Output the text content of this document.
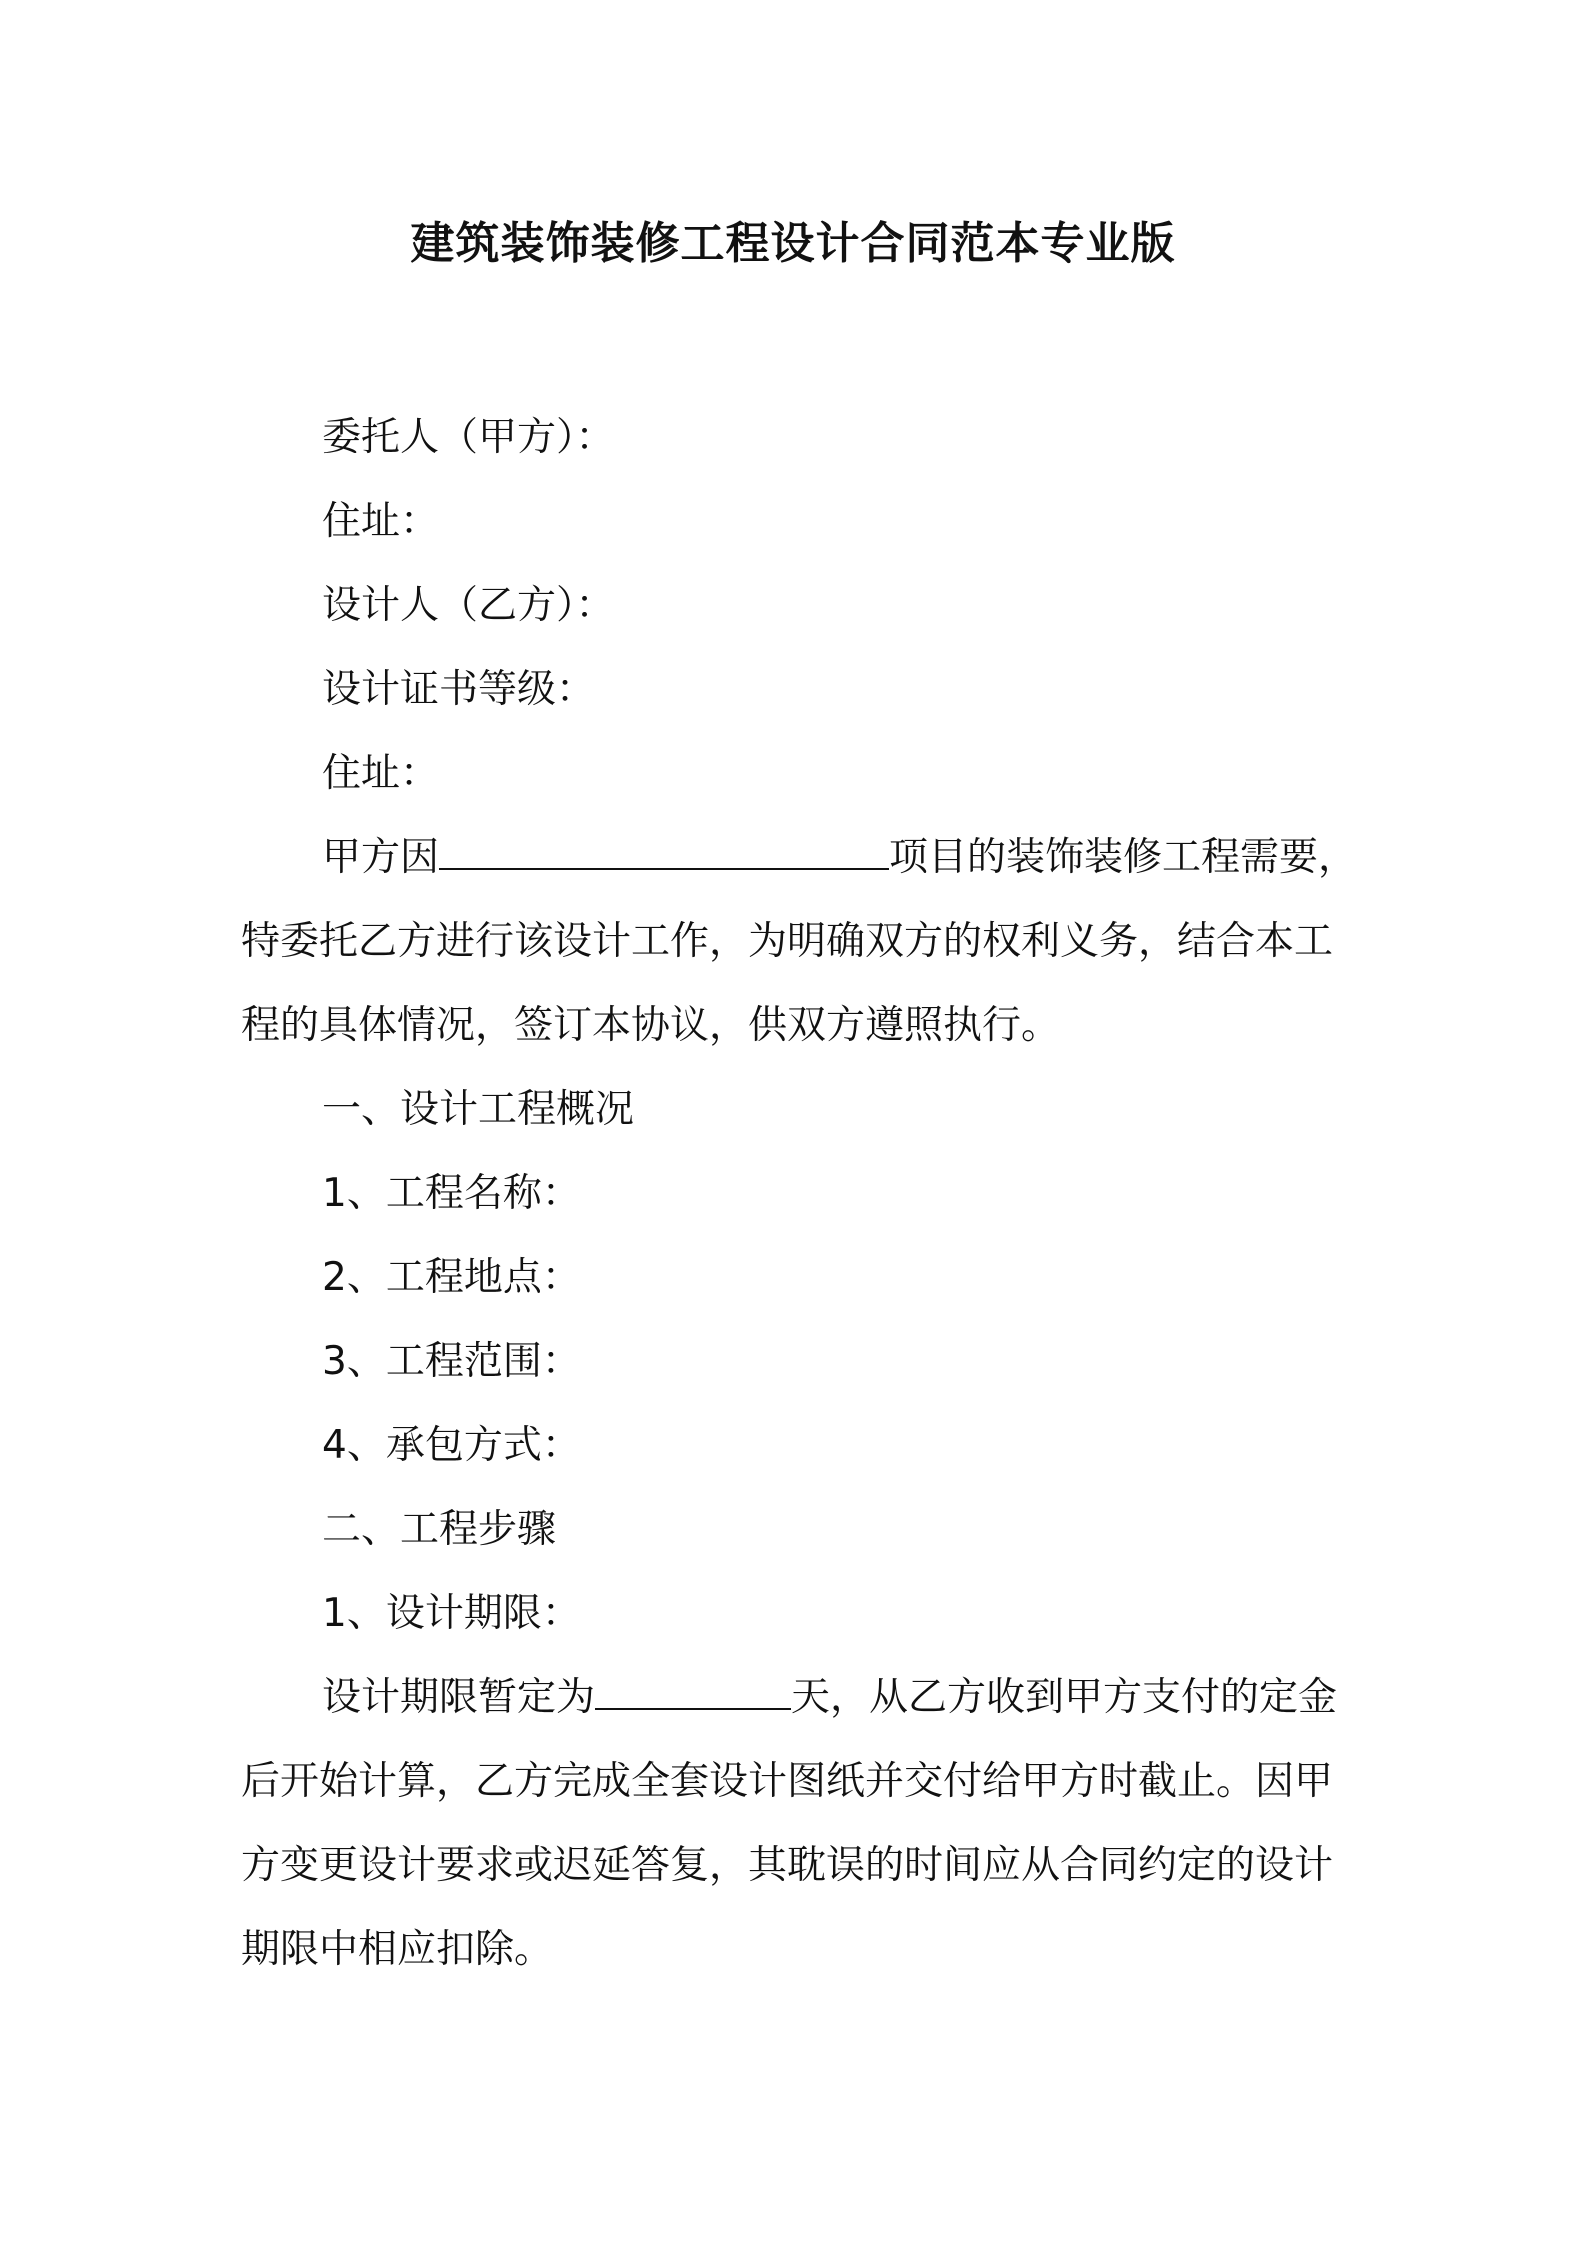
建筑装饰装修工程设计合同范本专业版
委托人（甲方）：
住址：
设计人（乙方）：
设计证书等级：
住址：
甲方因	项目的装饰装修工程需要，
特委托乙方进行该设计工作，为明确双方的权利义务，结合本工
程的具体情况，签订本协议，供双方遵照执行。
一、设计工程概况
1、工程名称：
2、工程地点：
3、工程范围：
4、承包方式：
二、工程步骤
1、设计期限：
设计期限暂定为	天，从乙方收到甲方支付的定金
后开始计算，乙方完成全套设计图纸并交付给甲方时截止。因甲
方变更设计要求或迟延答复，其耽误的时间应从合同约定的设计
期限中相应扣除。
